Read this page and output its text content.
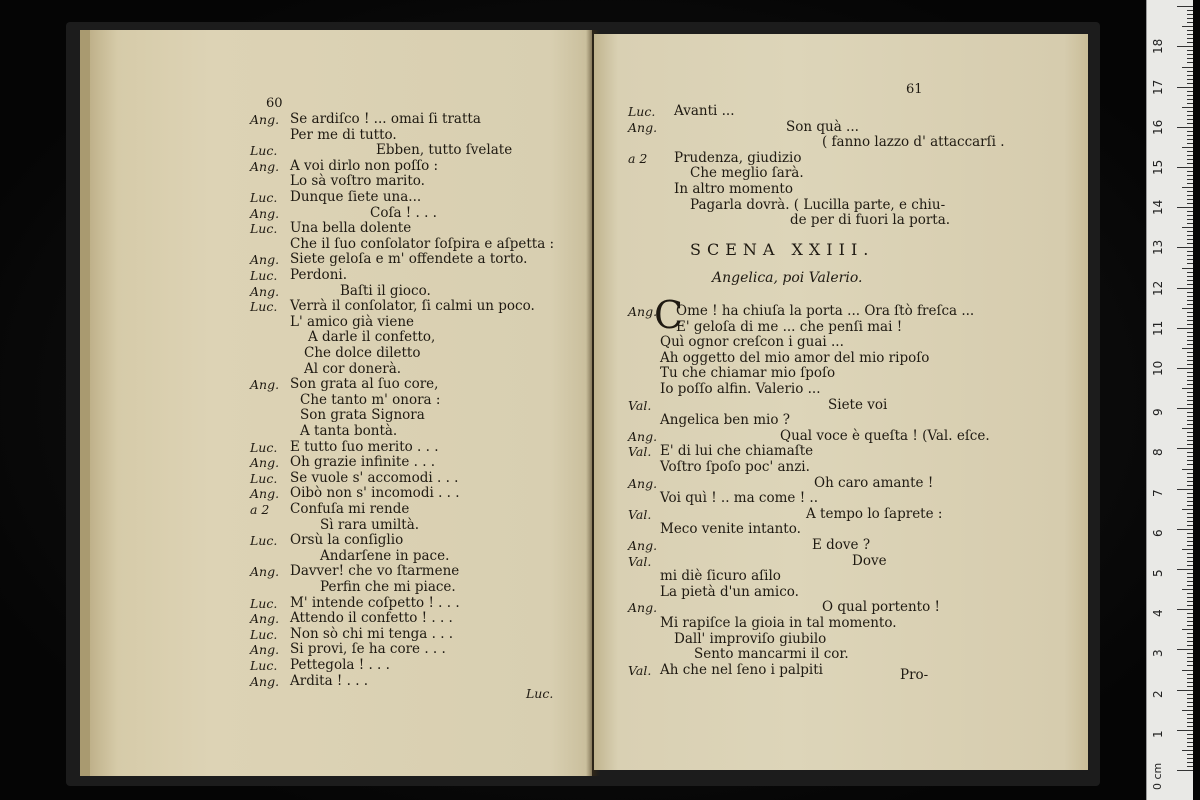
60
Ang. Se ardiſco ! ... omai ſi tratta
Per me di tutto.
Luc.	Ebben, tutto ſvelate
Ang. A voi dirlo non poſſo :
Lo sà voſtro marito.
Luc. Dunque ſiete una...
Ang.	Coſa ! . . .
Luc. Una bella dolente
Che il ſuo conſolator ſoſpira e aſpetta :
Ang. Siete geloſa e m' offendete a torto.
Luc. Perdoni.
Ang.	Baſti il gioco.
Luc. Verrà il conſolator, ſi calmi un poco.
L' amico già viene
A darle il confetto,
Che dolce diletto
Al cor donerà.
Ang. Son grata al ſuo core,
Che tanto m' onora :
Son grata Signora
A tanta bontà.
Luc. E tutto ſuo merito . . .
Ang. Oh grazie infinite . . .
Luc. Se vuole s' accomodi . . .
Ang. Oibò non s' incomodi . . .
a 2 Confuſa mi rende
Sì rara umiltà.
Luc. Orsù la conſiglio
Andarſene in pace.
Ang. Davver! che vo ſtarmene
Perfin che mi piace.
Luc. M' intende coſpetto ! . . .
Ang. Attendo il confetto ! . . .
Luc. Non sò chi mi tenga . . .
Ang. Si provi, ſe ha core . . .
Luc. Pettegola ! . . .
Ang. Ardita ! . . .
Luc.
61
Luc. Avanti ...
Ang.	Son quà ...
( fanno lazzo d' attaccarſi .
a 2 Prudenza, giudizio
Che meglio ſarà.
In altro momento
Pagarla dovrà. ( Lucilla parte, e chiu-
de per di fuori la porta.
SCENA XXIII.
Angelica, poi Valerio.
C
Ang. Ome ! ha chiuſa la porta ... Ora ſtò freſca ...
E' geloſa di me ... che penſi mai !
Quì ognor creſcon i guai ...
Ah oggetto del mio amor del mio ripoſo
Tu che chiamar mio ſpoſo
Io poſſo alfin. Valerio ...
Val.	Siete voi
Angelica ben mio ?
Ang.	Qual voce è queſta ! (Val. eſce.
Val. E' di lui che chiamaſte
Voſtro ſpoſo poc' anzi.
Ang.	Oh caro amante !
Voi quì ! .. ma come ! ..
Val.	A tempo lo ſaprete :
Meco venite intanto.
Ang.	E dove ?
Val.	Dove
mi diè ſicuro aſilo
La pietà d'un amico.
Ang.	O qual portento !
Mi rapiſce la gioia in tal momento.
Dall' improviſo giubilo
Sento mancarmi il cor.
Val. Ah che nel ſeno i palpiti	Pro-
0 cm
1
2
3
4
5
6
7
8
9
10
11
12
13
14
15
16
17
18
